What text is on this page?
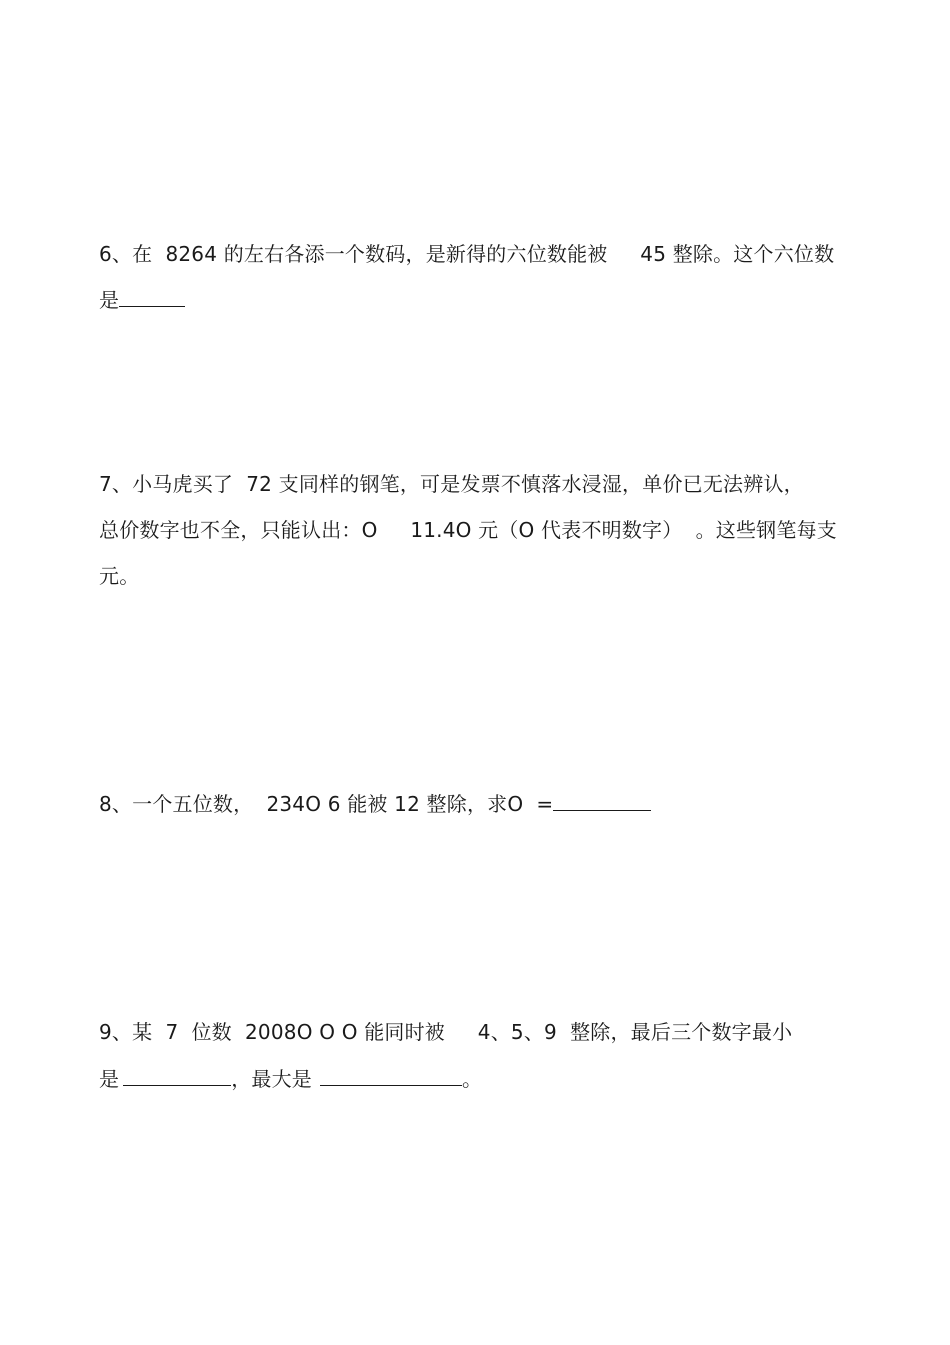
6、在  8264 的左右各添一个数码，是新得的六位数能被     45 整除。这个六位数
是
7、小马虎买了  72 支同样的钢笔，可是发票不慎落水浸湿，单价已无法辨认，
总价数字也不全，只能认出：O     11.4O 元（O 代表不明数字）  。这些钢笔每支
元。
8、一个五位数，  234O 6 能被 12 整除，求O  =
9、某  7  位数  2008O O O 能同时被     4、5、9  整除，最后三个数字最小
是	，最大是	。
